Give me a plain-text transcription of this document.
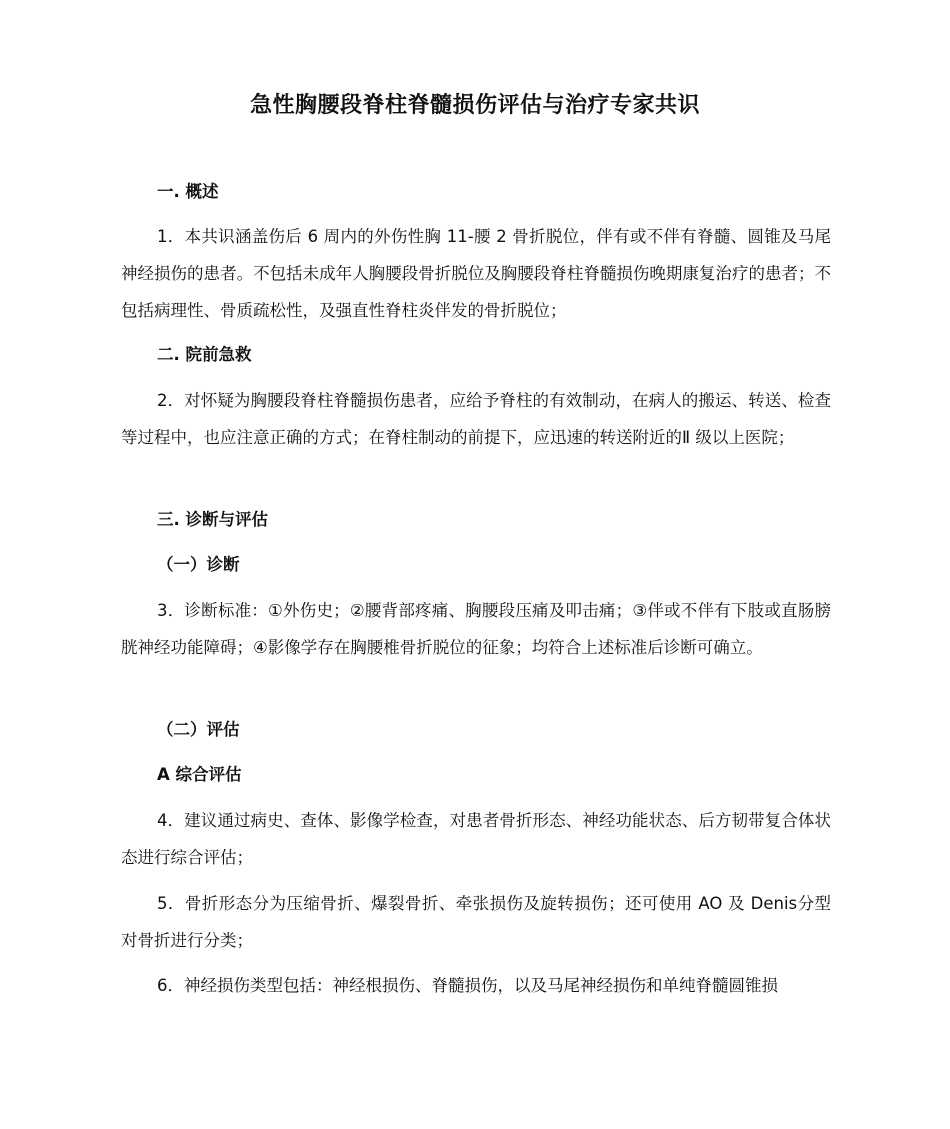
急性胸腰段脊柱脊髓损伤评估与治疗专家共识
一. 概述

1．本共识涵盖伤后 6 周内的外伤性胸 11-腰 2 骨折脱位，伴有或不伴有脊髓、圆锥及马尾神经损伤的患者。不包括未成年人胸腰段骨折脱位及胸腰段脊柱脊髓损伤晚期康复治疗的患者；不包括病理性、骨质疏松性，及强直性脊柱炎伴发的骨折脱位；

二. 院前急救

2．对怀疑为胸腰段脊柱脊髓损伤患者，应给予脊柱的有效制动，在病人的搬运、转送、检查等过程中，也应注意正确的方式；在脊柱制动的前提下，应迅速的转送附近的Ⅱ 级以上医院；

三. 诊断与评估
（一）诊断

3．诊断标准：①外伤史；②腰背部疼痛、胸腰段压痛及叩击痛；③伴或不伴有下肢或直肠膀胱神经功能障碍；④影像学存在胸腰椎骨折脱位的征象；均符合上述标准后诊断可确立。

（二）评估
A 综合评估

4．建议通过病史、查体、影像学检查，对患者骨折形态、神经功能状态、后方韧带复合体状态进行综合评估；

5．骨折形态分为压缩骨折、爆裂骨折、牵张损伤及旋转损伤；还可使用 AO 及 Denis分型对骨折进行分类；

6．神经损伤类型包括：神经根损伤、脊髓损伤，以及马尾神经损伤和单纯脊髓圆锥损
